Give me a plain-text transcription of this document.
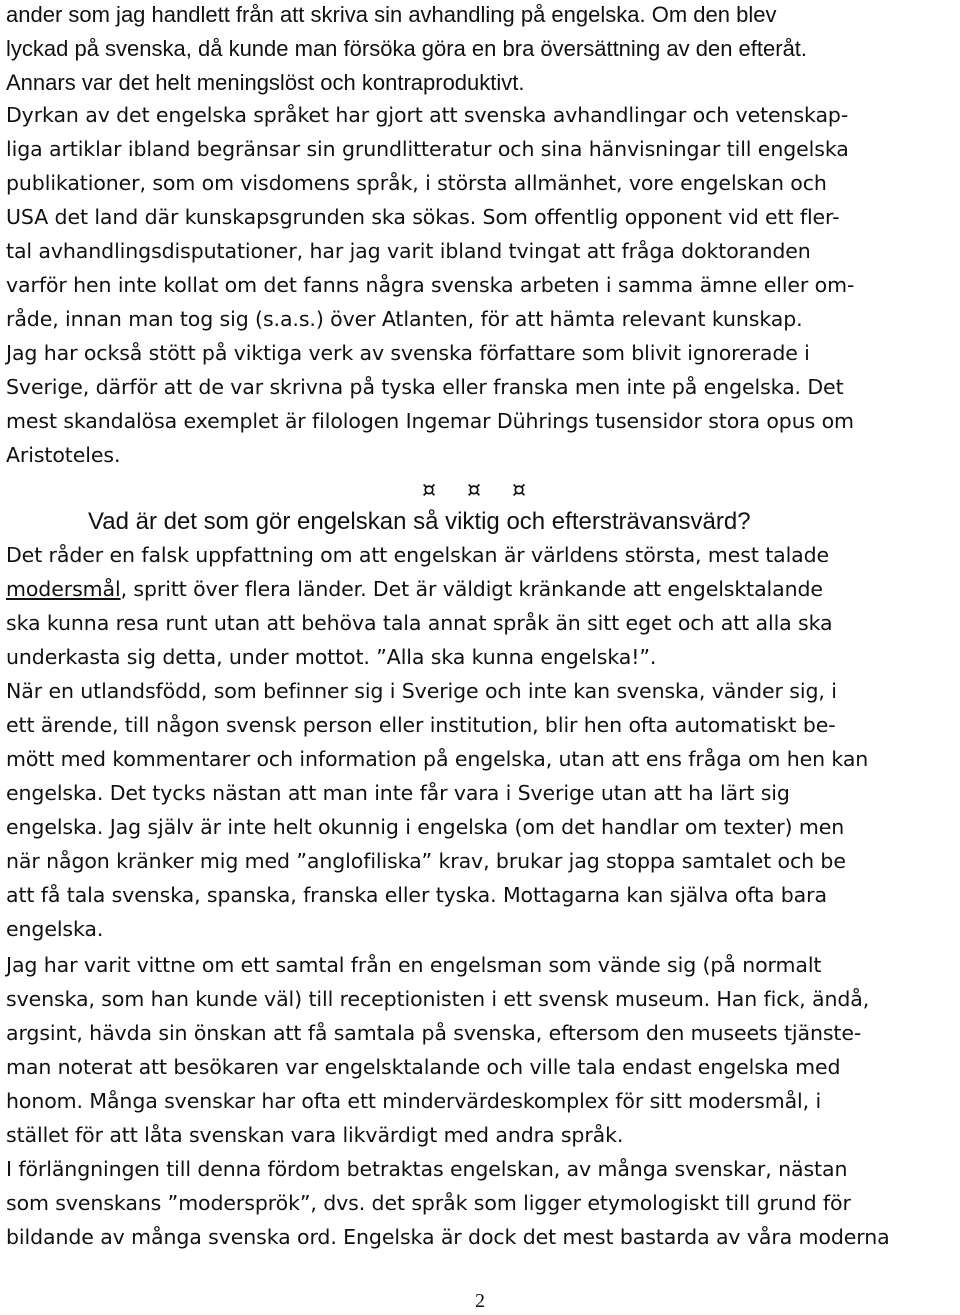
ander som jag handlett från att skriva sin avhandling på engelska. Om den blev
lyckad på svenska, då kunde man försöka göra en bra översättning av den efteråt.
Annars var det helt meningslöst och kontraproduktivt.
Dyrkan av det engelska språket har gjort att svenska avhandlingar och vetenskap-
liga artiklar ibland begränsar sin grundlitteratur och sina hänvisningar till engelska
publikationer, som om visdomens språk, i största allmänhet, vore engelskan och
USA det land där kunskapsgrunden ska sökas. Som offentlig opponent vid ett fler-
tal avhandlingsdisputationer, har jag varit ibland tvingat att fråga doktoranden
varför hen inte kollat om det fanns några svenska arbeten i samma ämne eller om-
råde, innan man tog sig (s.a.s.) över Atlanten, för att hämta relevant kunskap.
Jag har också stött på viktiga verk av svenska författare som blivit ignorerade i
Sverige, därför att de var skrivna på tyska eller franska men inte på engelska. Det
mest skandalösa exemplet är filologen Ingemar Dührings tusensidor stora opus om
Aristoteles.
¤ ¤ ¤
Vad är det som gör engelskan så viktig och eftersträvansvärd?
Det råder en falsk uppfattning om att engelskan är världens största, mest talade
modersmål, spritt över flera länder. Det är väldigt kränkande att engelsktalande
ska kunna resa runt utan att behöva tala annat språk än sitt eget och att alla ska
underkasta sig detta, under mottot. ”Alla ska kunna engelska!”.
När en utlandsfödd, som befinner sig i Sverige och inte kan svenska, vänder sig, i
ett ärende, till någon svensk person eller institution, blir hen ofta automatiskt be-
mött med kommentarer och information på engelska, utan att ens fråga om hen kan
engelska. Det tycks nästan att man inte får vara i Sverige utan att ha lärt sig
engelska. Jag själv är inte helt okunnig i engelska (om det handlar om texter) men
när någon kränker mig med ”anglofiliska” krav, brukar jag stoppa samtalet och be
att få tala svenska, spanska, franska eller tyska. Mottagarna kan själva ofta bara
engelska.
Jag har varit vittne om ett samtal från en engelsman som vände sig (på normalt
svenska, som han kunde väl) till receptionisten i ett svensk museum. Han fick, ändå,
argsint, hävda sin önskan att få samtala på svenska, eftersom den museets tjänste-
man noterat att besökaren var engelsktalande och ville tala endast engelska med
honom. Många svenskar har ofta ett mindervärdeskomplex för sitt modersmål, i
stället för att låta svenskan vara likvärdigt med andra språk.
I förlängningen till denna fördom betraktas engelskan, av många svenskar, nästan
som svenskans ”modersprök”, dvs. det språk som ligger etymologiskt till grund för
bildande av många svenska ord. Engelska är dock det mest bastarda av våra moderna
2
